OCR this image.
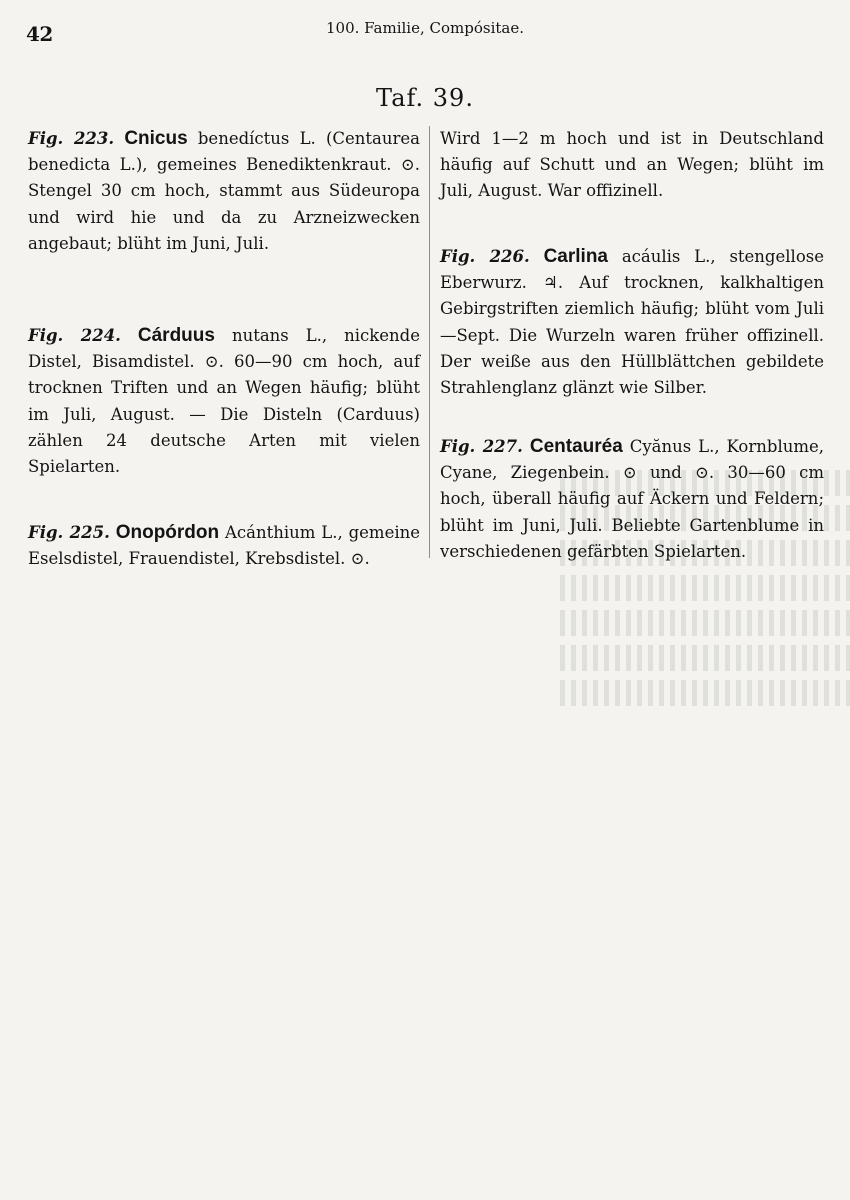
42	100. Familie, Compósitae.
Taf. 39.

Fig. 223. Cnicus benedíctus L. (Centaurea benedicta L.), gemeines Benediktenkraut. ⊙. Stengel 30 cm hoch, stammt aus Südeuropa und wird hie und da zu Arzneizwecken angebaut; blüht im Juni, Juli.

Fig. 224. Cárduus nutans L., nickende Distel, Bisamdistel. ⊙. 60—90 cm hoch, auf trocknen Triften und an Wegen häufig; blüht im Juli, August. — Die Disteln (Carduus) zählen 24 deutsche Arten mit vielen Spielarten.

Fig. 225. Onopórdon Acánthium L., gemeine Eselsdistel, Frauendistel, Krebsdistel. ⊙.

Wird 1—2 m hoch und ist in Deutschland häufig auf Schutt und an Wegen; blüht im Juli, August. War offizinell.

Fig. 226. Carlina acáulis L., stengellose Eberwurz. ♃. Auf trocknen, kalkhaltigen Gebirgstriften ziemlich häufig; blüht vom Juli—Sept. Die Wurzeln waren früher offizinell. Der weiße aus den Hüllblättchen gebildete Strahlenglanz glänzt wie Silber.

Fig. 227. Centauréa Cyănus L., Kornblume, Cyane, Ziegenbein. ⊙ und ⊙. 30—60 cm hoch, überall häufig auf Äckern und Feldern; blüht im Juni, Juli. Beliebte Gartenblume in verschiedenen gefärbten Spielarten.
